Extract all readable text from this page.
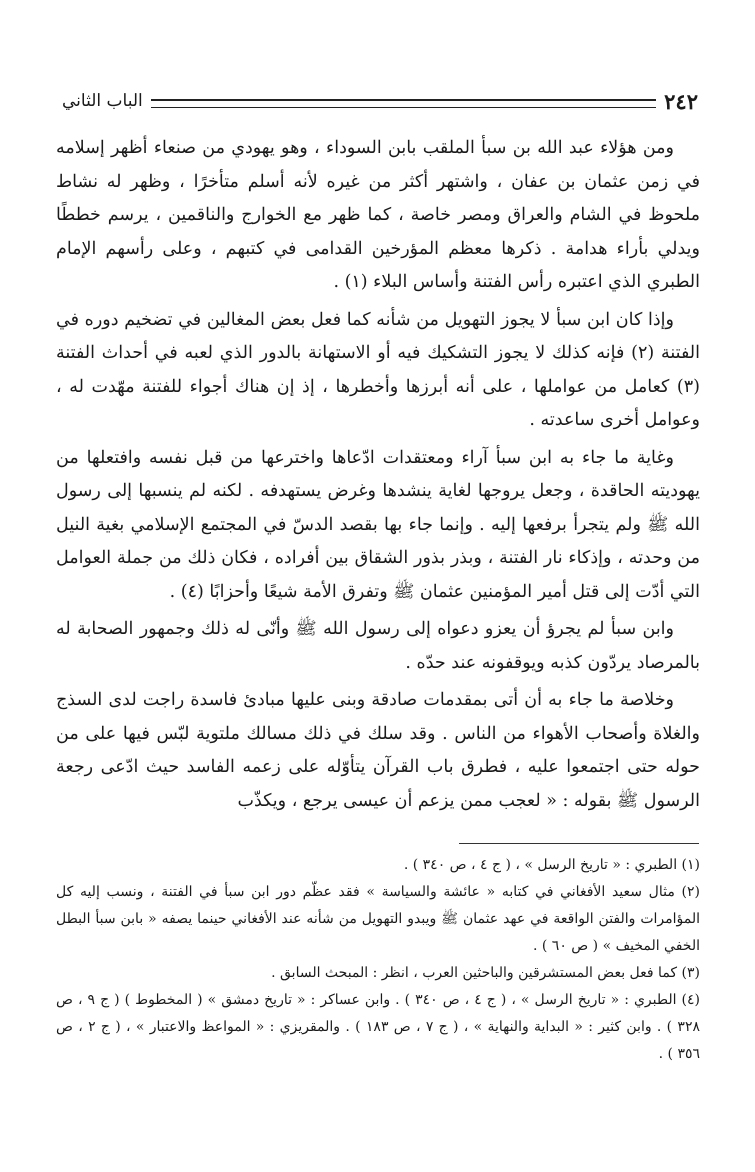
٢٤٢
الباب الثاني

ومن هؤلاء عبد الله بن سبأ الملقب بابن السوداء ، وهو يهودي من صنعاء أظهر إسلامه في زمن عثمان بن عفان ، واشتهر أكثر من غيره لأنه أسلم متأخرًا ، وظهر له نشاط ملحوظ في الشام والعراق ومصر خاصة ، كما ظهر مع الخوارج والناقمين ، يرسم خططًا ويدلي بأراء هدامة . ذكرها معظم المؤرخين القدامى في كتبهم ، وعلى رأسهم الإمام الطبري الذي اعتبره رأس الفتنة وأساس البلاء (١) .

وإذا كان ابن سبأ لا يجوز التهويل من شأنه كما فعل بعض المغالين في تضخيم دوره في الفتنة (٢) فإنه كذلك لا يجوز التشكيك فيه أو الاستهانة بالدور الذي لعبه في أحداث الفتنة (٣) كعامل من عواملها ، على أنه أبرزها وأخطرها ، إذ إن هناك أجواء للفتنة مهّدت له ، وعوامل أخرى ساعدته .

وغاية ما جاء به ابن سبأ آراء ومعتقدات ادّعاها واخترعها من قبل نفسه وافتعلها من يهوديته الحاقدة ، وجعل يروجها لغاية ينشدها وغرض يستهدفه . لكنه لم ينسبها إلى رسول الله ﷺ ولم يتجرأ برفعها إليه . وإنما جاء بها بقصد الدسّ في المجتمع الإسلامي بغية النيل من وحدته ، وإذكاء نار الفتنة ، وبذر بذور الشقاق بين أفراده ، فكان ذلك من جملة العوامل التي أدّت إلى قتل أمير المؤمنين عثمان ﷺ وتفرق الأمة شيعًا وأحزابًا (٤) .

وابن سبأ لم يجرؤ أن يعزو دعواه إلى رسول الله ﷺ وأنّى له ذلك وجمهور الصحابة له بالمرصاد يردّون كذبه ويوقفونه عند حدّه .

وخلاصة ما جاء به أن أتى بمقدمات صادقة وبنى عليها مبادئ فاسدة راجت لدى السذج والغلاة وأصحاب الأهواء من الناس . وقد سلك في ذلك مسالك ملتوية لبّس فيها على من حوله حتى اجتمعوا عليه ، فطرق باب القرآن يتأوّله على زعمه الفاسد حيث ادّعى رجعة الرسول ﷺ بقوله : « لعجب ممن يزعم أن عيسى يرجع ، ويكذّب

(١) الطبري : « تاريخ الرسل » ، ( ج ٤ ، ص ٣٤٠ ) .

(٢) مثال سعيد الأفغاني في كتابه « عائشة والسياسة » فقد عظّم دور ابن سبأ في الفتنة ، ونسب إليه كل المؤامرات والفتن الواقعة في عهد عثمان ﷺ ويبدو التهويل من شأنه عند الأفغاني حينما يصفه « بابن سبأ البطل الخفي المخيف » ( ص ٦٠ ) .

(٣) كما فعل بعض المستشرقين والباحثين العرب ، انظر : المبحث السابق .

(٤) الطبري : « تاريخ الرسل » ، ( ج ٤ ، ص ٣٤٠ ) . وابن عساكر : « تاريخ دمشق » ( المخطوط ) ( ج ٩ ، ص ٣٢٨ ) . وابن كثير : « البداية والنهاية » ، ( ج ٧ ، ص ١٨٣ ) . والمقريزي : « المواعظ والاعتبار » ، ( ج ٢ ، ص ٣٥٦ ) .
